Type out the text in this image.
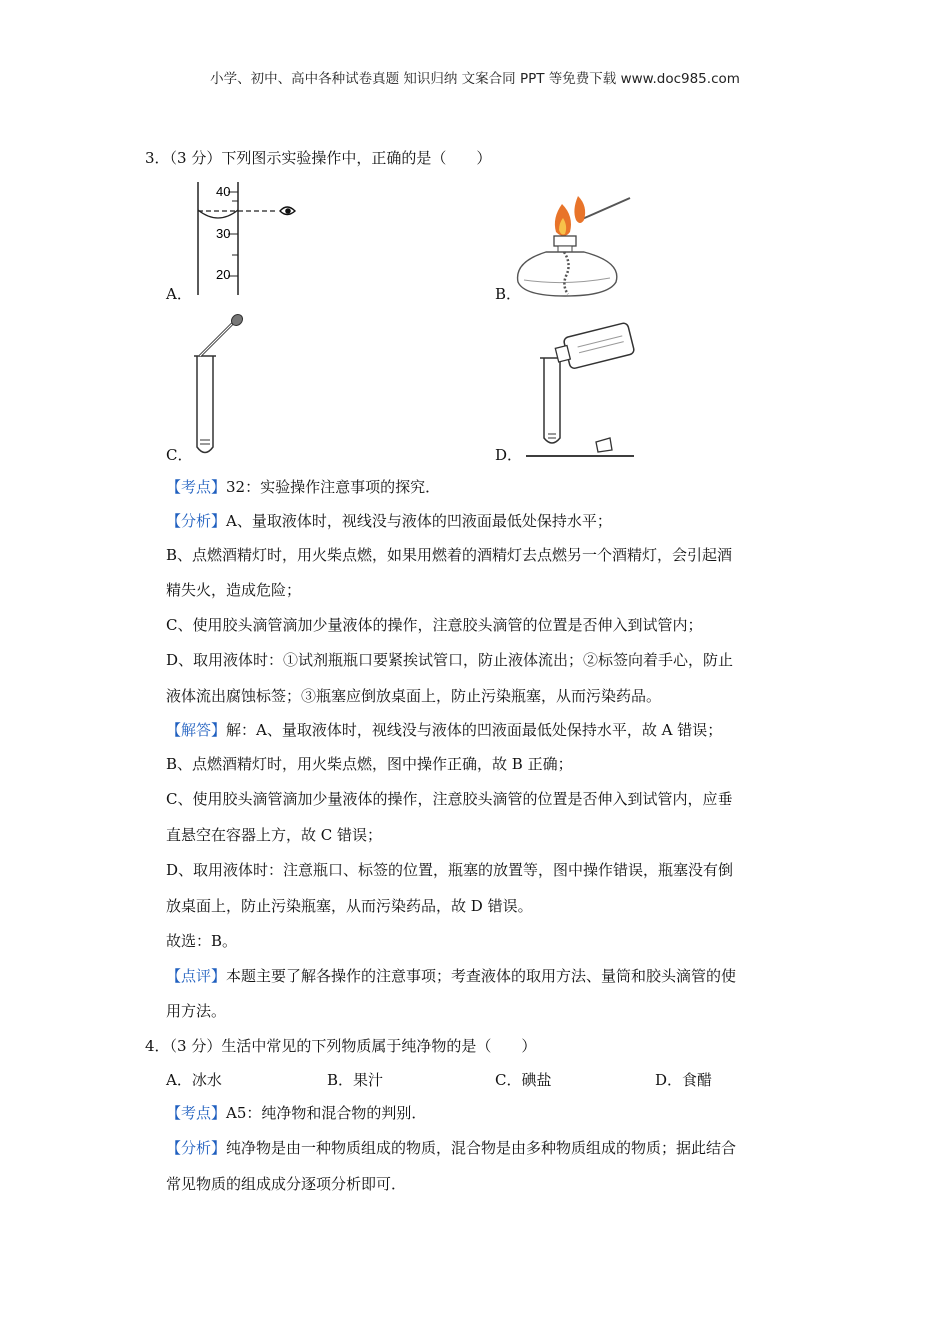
小学、初中、高中各种试卷真题 知识归纳 文案合同 PPT 等免费下载 www.doc985.com
3．（3 分）下列图示实验操作中，正确的是（　　）
40
30
20
A．	B．
C．	D．
【考点】32：实验操作注意事项的探究．
【分析】A、量取液体时，视线没与液体的凹液面最低处保持水平；
B、点燃酒精灯时，用火柴点燃，如果用燃着的酒精灯去点燃另一个酒精灯，会引起酒
精失火，造成危险；
C、使用胶头滴管滴加少量液体的操作，注意胶头滴管的位置是否伸入到试管内；
D、取用液体时：①试剂瓶瓶口要紧挨试管口，防止液体流出；②标签向着手心，防止
液体流出腐蚀标签；③瓶塞应倒放桌面上，防止污染瓶塞，从而污染药品。
【解答】解：A、量取液体时，视线没与液体的凹液面最低处保持水平，故 A 错误；
B、点燃酒精灯时，用火柴点燃，图中操作正确，故 B 正确；
C、使用胶头滴管滴加少量液体的操作，注意胶头滴管的位置是否伸入到试管内，应垂
直悬空在容器上方，故 C 错误；
D、取用液体时：注意瓶口、标签的位置，瓶塞的放置等，图中操作错误，瓶塞没有倒
放桌面上，防止污染瓶塞，从而污染药品，故 D 错误。
故选：B。
【点评】本题主要了解各操作的注意事项；考查液体的取用方法、量筒和胶头滴管的使
用方法。
4．（3 分）生活中常见的下列物质属于纯净物的是（　　）
A．冰水	B．果汁	C．碘盐	D．食醋
【考点】A5：纯净物和混合物的判别．
【分析】纯净物是由一种物质组成的物质，混合物是由多种物质组成的物质；据此结合
常见物质的组成成分逐项分析即可．
